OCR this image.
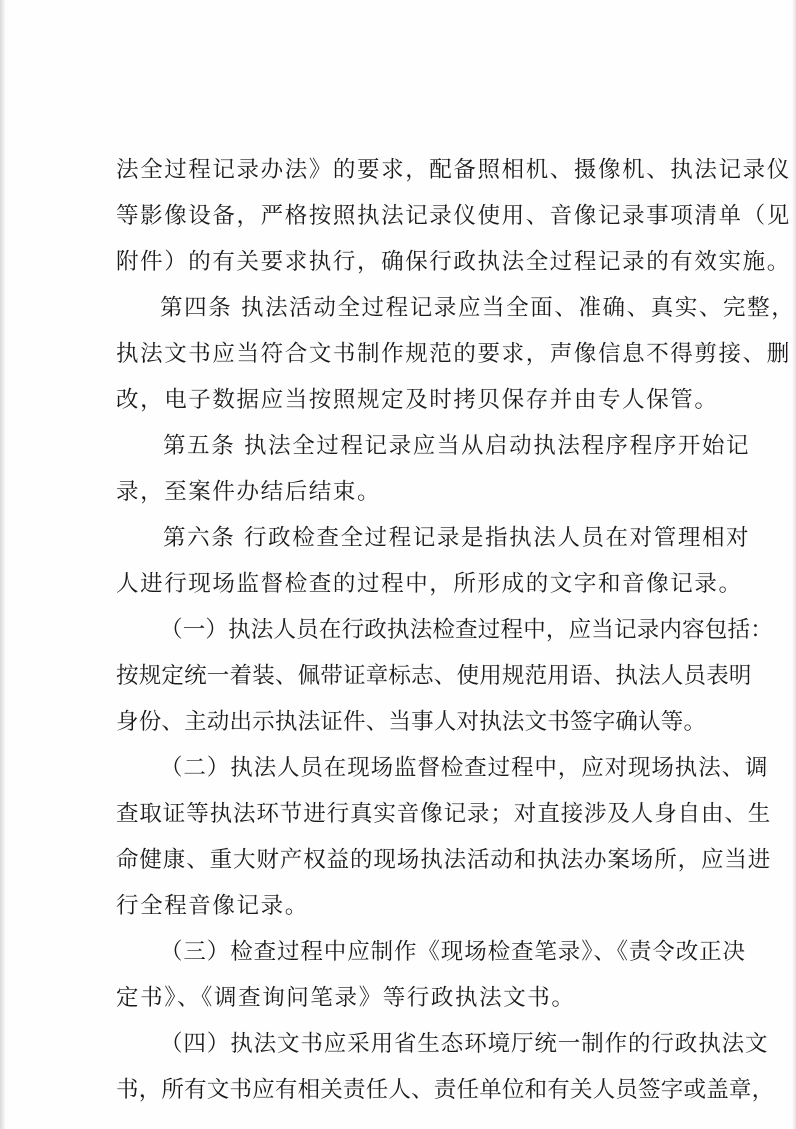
法全过程记录办法》的要求，配备照相机、摄像机、执法记录仪
等影像设备，严格按照执法记录仪使用、音像记录事项清单（见
附件）的有关要求执行，确保行政执法全过程记录的有效实施。
第四条 执法活动全过程记录应当全面、准确、真实、完整，
执法文书应当符合文书制作规范的要求，声像信息不得剪接、删
改，电子数据应当按照规定及时拷贝保存并由专人保管。
第五条 执法全过程记录应当从启动执法程序程序开始记
录，至案件办结后结束。
第六条 行政检查全过程记录是指执法人员在对管理相对
人进行现场监督检查的过程中，所形成的文字和音像记录。
（一）执法人员在行政执法检查过程中，应当记录内容包括：
按规定统一着装、佩带证章标志、使用规范用语、执法人员表明
身份、主动出示执法证件、当事人对执法文书签字确认等。
（二）执法人员在现场监督检查过程中，应对现场执法、调
查取证等执法环节进行真实音像记录；对直接涉及人身自由、生
命健康、重大财产权益的现场执法活动和执法办案场所，应当进
行全程音像记录。
（三）检查过程中应制作《现场检查笔录》、《责令改正决
定书》、《调查询问笔录》等行政执法文书。
（四）执法文书应采用省生态环境厅统一制作的行政执法文
书，所有文书应有相关责任人、责任单位和有关人员签字或盖章，
